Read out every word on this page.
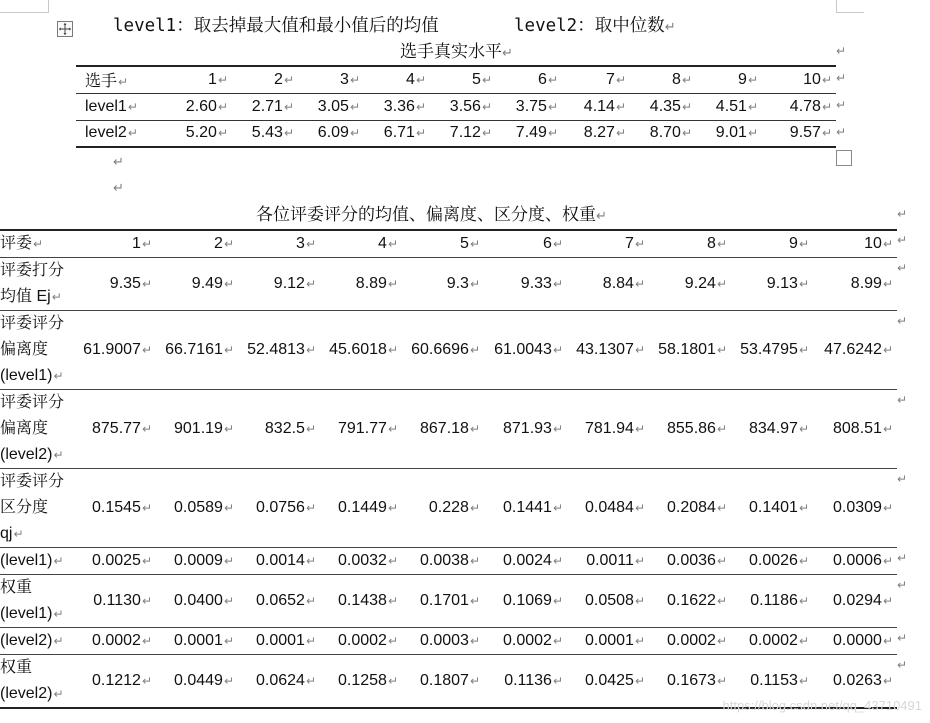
level1：取去掉最大值和最小值后的均值	level2：取中位数↵
选手真实水平↵
选手↵	1↵	2↵	3↵	4↵	5↵	6↵	7↵	8↵	9↵	10↵
level1↵	2.60↵	2.71↵	3.05↵	3.36↵	3.56↵	3.75↵	4.14↵	4.35↵	4.51↵	4.78↵
level2↵	5.20↵	5.43↵	6.09↵	6.71↵	7.12↵	7.49↵	8.27↵	8.70↵	9.01↵	9.57↵
↵
↵
↵
↵
↵
↵
各位评委评分的均值、偏离度、区分度、权重↵	↵
评委↵	1↵	2↵	3↵	4↵	5↵	6↵	7↵	8↵	9↵	10↵

评委打分
均值 Ej↵	9.35↵	9.49↵	9.12↵	8.89↵	9.3↵	9.33↵	8.84↵	9.24↵	9.13↵	8.99↵

评委评分
偏离度
(level1)↵	61.9007↵	66.7161↵	52.4813↵	45.6018↵	60.6696↵	61.0043↵	43.1307↵	58.1801↵	53.4795↵	47.6242↵

评委评分
偏离度
(level2)↵	875.77↵	901.19↵	832.5↵	791.77↵	867.18↵	871.93↵	781.94↵	855.86↵	834.97↵	808.51↵

评委评分
区分度
qj↵	0.1545↵	0.0589↵	0.0756↵	0.1449↵	0.228↵	0.1441↵	0.0484↵	0.2084↵	0.1401↵	0.0309↵

(level1)↵	0.0025↵	0.0009↵	0.0014↵	0.0032↵	0.0038↵	0.0024↵	0.0011↵	0.0036↵	0.0026↵	0.0006↵

权重
(level1)↵	0.1130↵	0.0400↵	0.0652↵	0.1438↵	0.1701↵	0.1069↵	0.0508↵	0.1622↵	0.1186↵	0.0294↵

(level2)↵	0.0002↵	0.0001↵	0.0001↵	0.0002↵	0.0003↵	0.0002↵	0.0001↵	0.0002↵	0.0002↵	0.0000↵

权重
(level2)↵	0.1212↵	0.0449↵	0.0624↵	0.1258↵	0.1807↵	0.1136↵	0.0425↵	0.1673↵	0.1153↵	0.0263↵
https://blog.csdn.net/qq_43710491
↵
↵
↵
↵
↵
↵
↵
↵
↵
